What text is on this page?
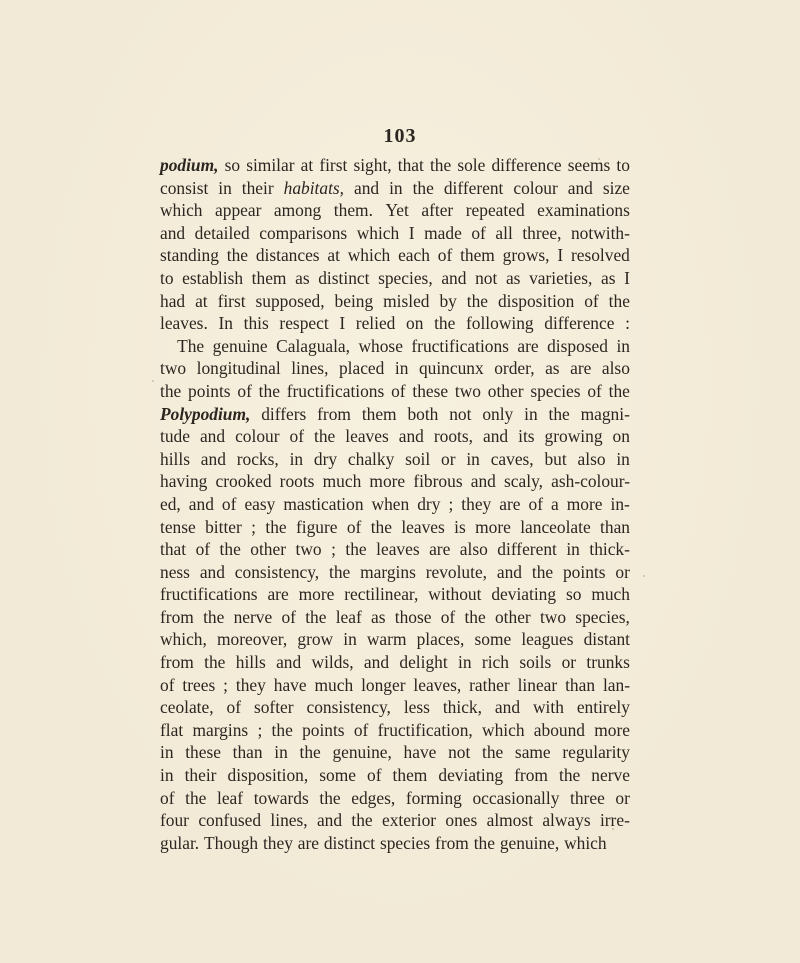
103
podium, so similar at first sight, that the sole difference seems to
consist in their habitats, and in the different colour and size
which appear among them. Yet after repeated examinations
and detailed comparisons which I made of all three, notwith-
standing the distances at which each of them grows, I resolved
to establish them as distinct species, and not as varieties, as I
had at first supposed, being misled by the disposition of the
leaves. In this respect I relied on the following difference :
The genuine Calaguala, whose fructifications are disposed in
two longitudinal lines, placed in quincunx order, as are also
the points of the fructifications of these two other species of the
Polypodium, differs from them both not only in the magni-
tude and colour of the leaves and roots, and its growing on
hills and rocks, in dry chalky soil or in caves, but also in
having crooked roots much more fibrous and scaly, ash-colour-
ed, and of easy mastication when dry ; they are of a more in-
tense bitter ; the figure of the leaves is more lanceolate than
that of the other two ; the leaves are also different in thick-
ness and consistency, the margins revolute, and the points or
fructifications are more rectilinear, without deviating so much
from the nerve of the leaf as those of the other two species,
which, moreover, grow in warm places, some leagues distant
from the hills and wilds, and delight in rich soils or trunks
of trees ; they have much longer leaves, rather linear than lan-
ceolate, of softer consistency, less thick, and with entirely
flat margins ; the points of fructification, which abound more
in these than in the genuine, have not the same regularity
in their disposition, some of them deviating from the nerve
of the leaf towards the edges, forming occasionally three or
four confused lines, and the exterior ones almost always irre-
gular. Though they are distinct species from the genuine, which
